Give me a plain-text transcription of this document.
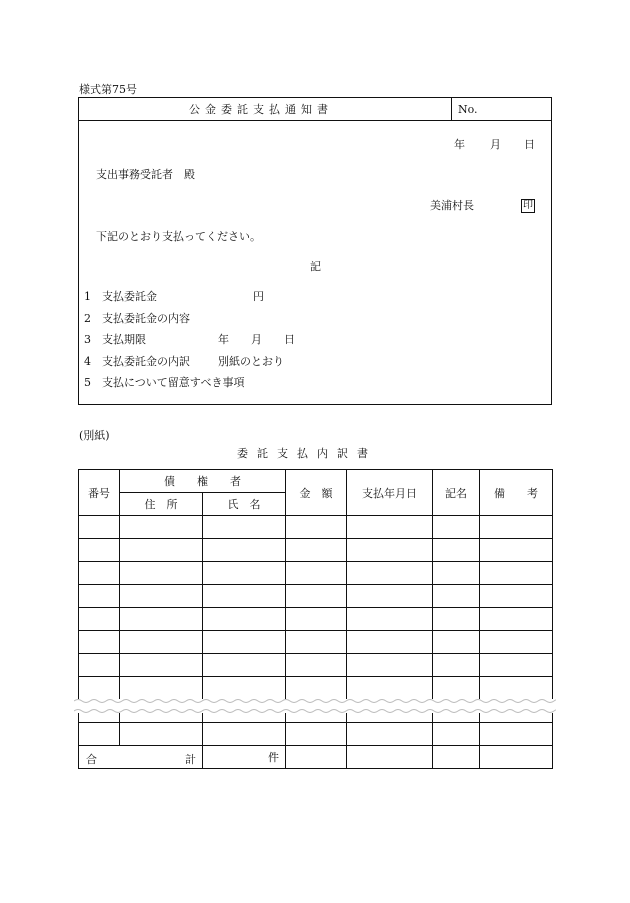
様式第75号
公金委託支払通知書	No.
年 月 日
支出事務受託者　殿
美浦村長	印
下記のとおり支払ってください。
記
1 支払委託金	円
2 支払委託金の内容
3 支払期限	年　　月　　日
4 支払委託金の内訳	別紙のとおり
5 支払について留意すべき事項
(別紙)
委託支払内訳書
番号	債　　権　　者		金　額	支払年月日	記名	備　　考
	住　所	氏　名				

合 計		件				
